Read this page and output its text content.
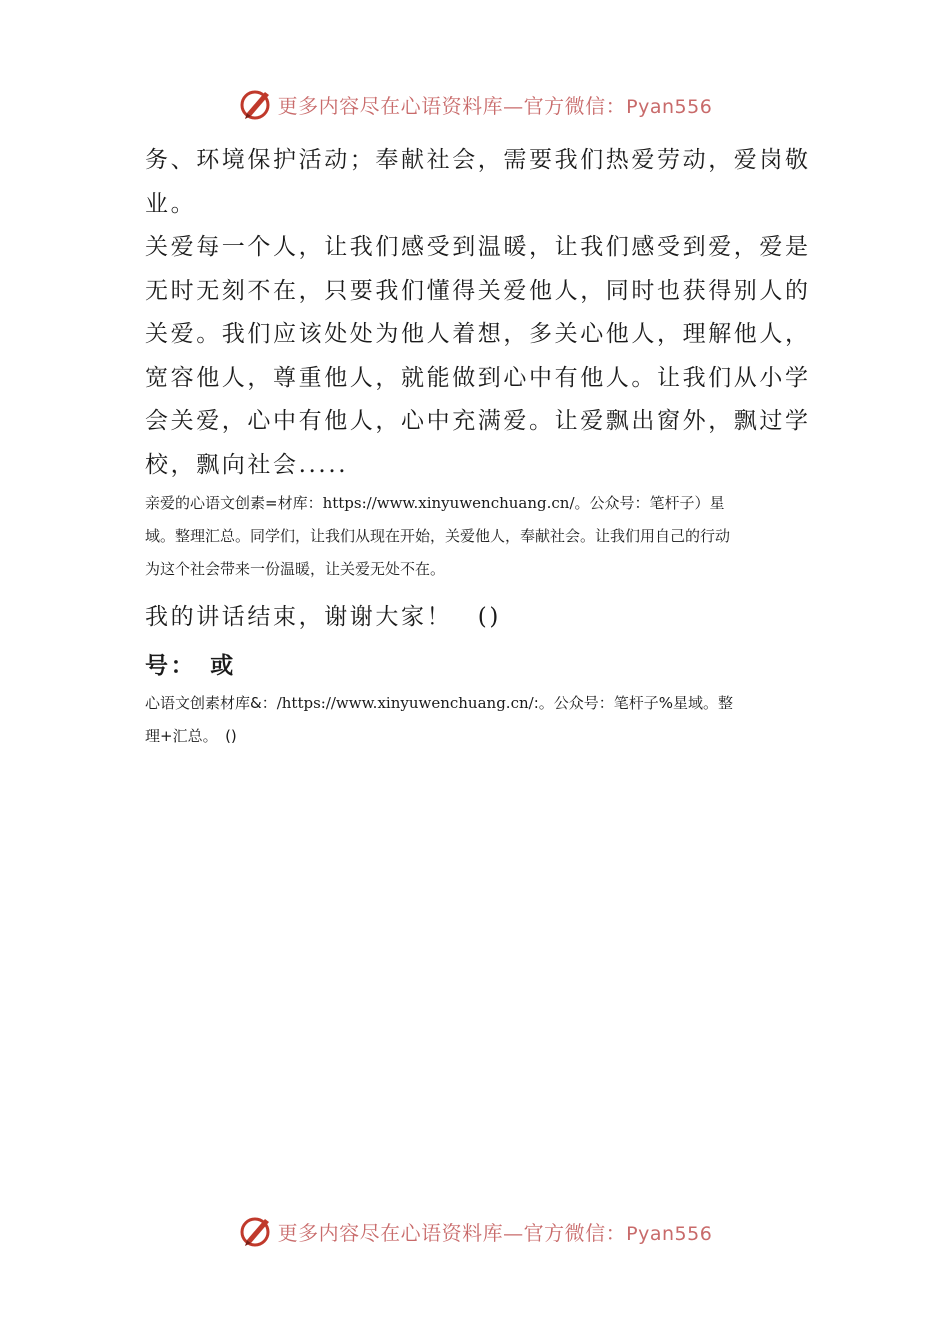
更多内容尽在心语资料库—官方微信：Pyan556

务、环境保护活动；奉献社会，需要我们热爱劳动，爱岗敬

业。

关爱每一个人，让我们感受到温暖，让我们感受到爱，爱是

无时无刻不在，只要我们懂得关爱他人，同时也获得别人的

关爱。我们应该处处为他人着想，多关心他人，理解他人，

宽容他人，尊重他人，就能做到心中有他人。让我们从小学

会关爱，心中有他人，心中充满爱。让爱飘出窗外，飘过学

校，飘向社会.....

亲爱的心语文创素=材库：https://www.xinyuwenchuang.cn/。公众号：笔杆子）星

域。整理汇总。同学们，让我们从现在开始，关爱他人，奉献社会。让我们用自己的行动

为这个社会带来一份温暖，让关爱无处不在。

我的讲话结束，谢谢大家！　()

号：　或

心语文创素材库&：/https://www.xinyuwenchuang.cn/:。公众号：笔杆子%星域。整

理+汇总。　()

更多内容尽在心语资料库—官方微信：Pyan556
